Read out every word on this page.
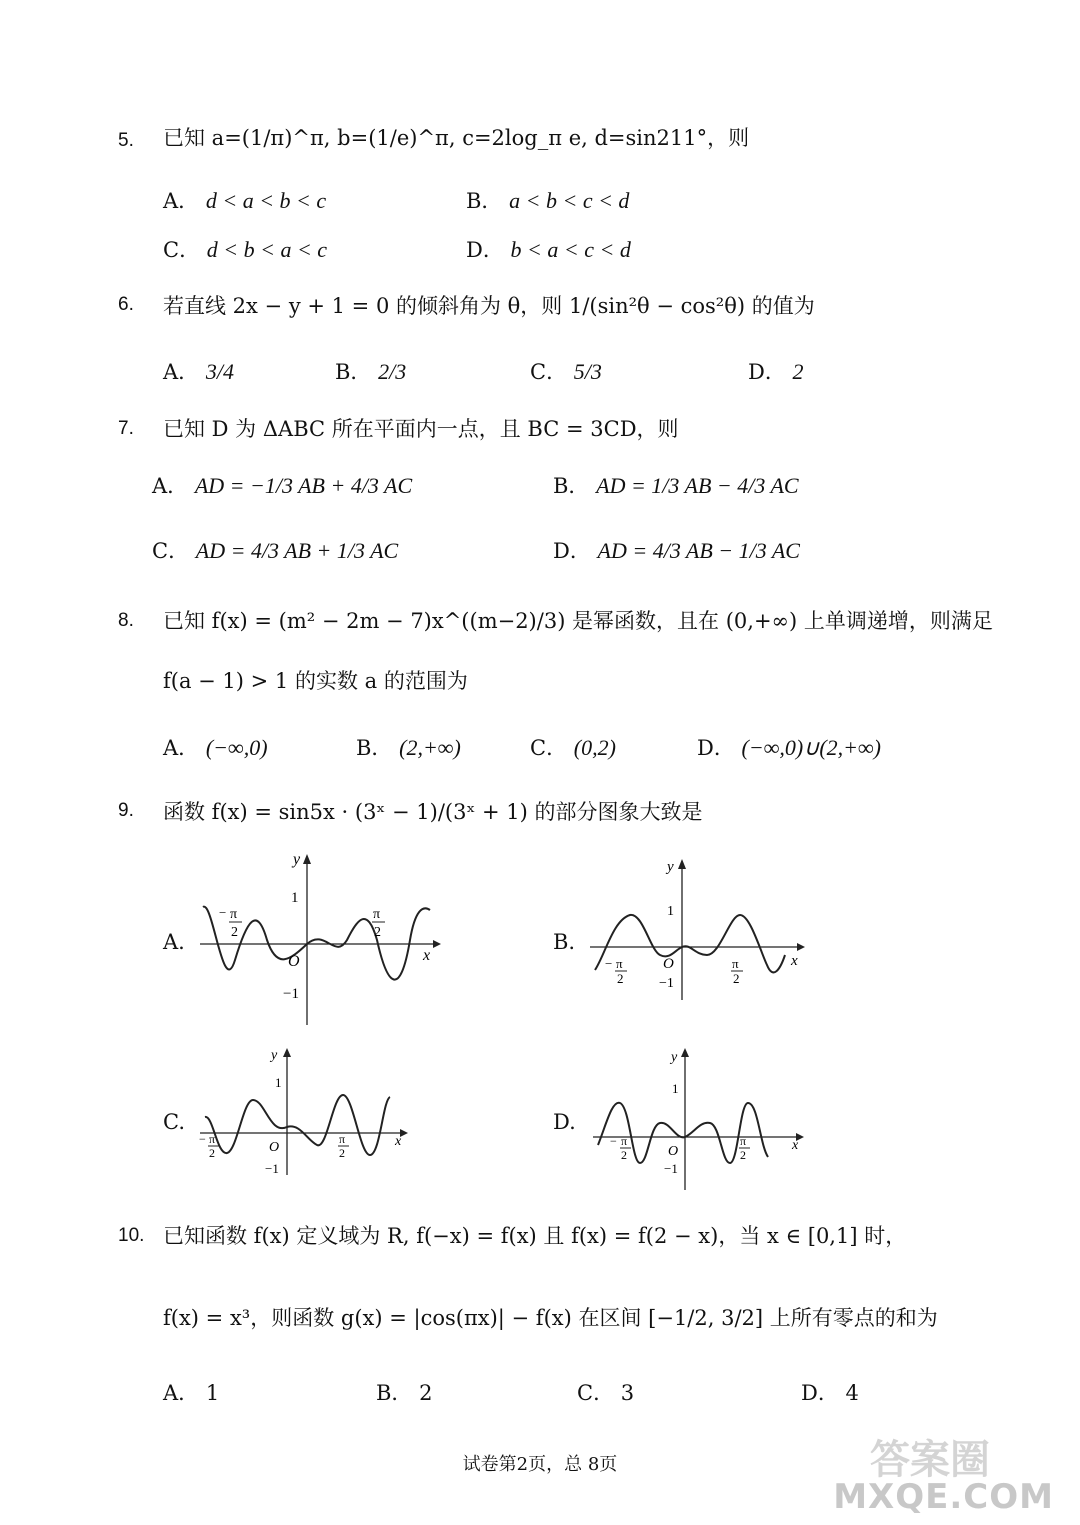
5. 已知 a=(1/π)^π, b=(1/e)^π, c=2log_π e, d=sin211°，则
A． d < a < b < c	B． a < b < c < d
C． d < b < a < c	D． b < a < c < d
6. 若直线 2x − y + 1 = 0 的倾斜角为 θ，则 1/(sin²θ − cos²θ) 的值为
A． 3/4	B． 2/3	C． 5/3	D． 2
7. 已知 D 为 ΔABC 所在平面内一点，且 BC = 3CD，则
A． AD = −1/3 AB + 4/3 AC	B． AD = 1/3 AB − 4/3 AC
C． AD = 4/3 AB + 1/3 AC	D． AD = 4/3 AB − 1/3 AC
8. 已知 f(x) = (m² − 2m − 7)x^((m−2)/3) 是幂函数，且在 (0,+∞) 上单调递增，则满足
f(a − 1) > 1 的实数 a 的范围为
A． (−∞,0)	B． (2,+∞)	C． (0,2)	D． (−∞,0)∪(2,+∞)
9. 函数 f(x) = sin5x · (3ˣ − 1)/(3ˣ + 1) 的部分图象大致是
A.	B.
C.	D.
y
x
O
1
−1
− π
2
π
2
y
x
O
1
−1
− π
2
π
2
y
x
O
1
−1
− π
2
π
2
y
x
O
1
−1
− π
2
π
2
10. 已知函数 f(x) 定义域为 R, f(−x) = f(x) 且 f(x) = f(2 − x)，当 x ∈ [0,1] 时，
f(x) = x³，则函数 g(x) = |cos(πx)| − f(x) 在区间 [−1/2, 3/2] 上所有零点的和为
A． 1	B． 2	C． 3	D． 4
试卷第2页，总 8页	答案圈
MXQE.COM
